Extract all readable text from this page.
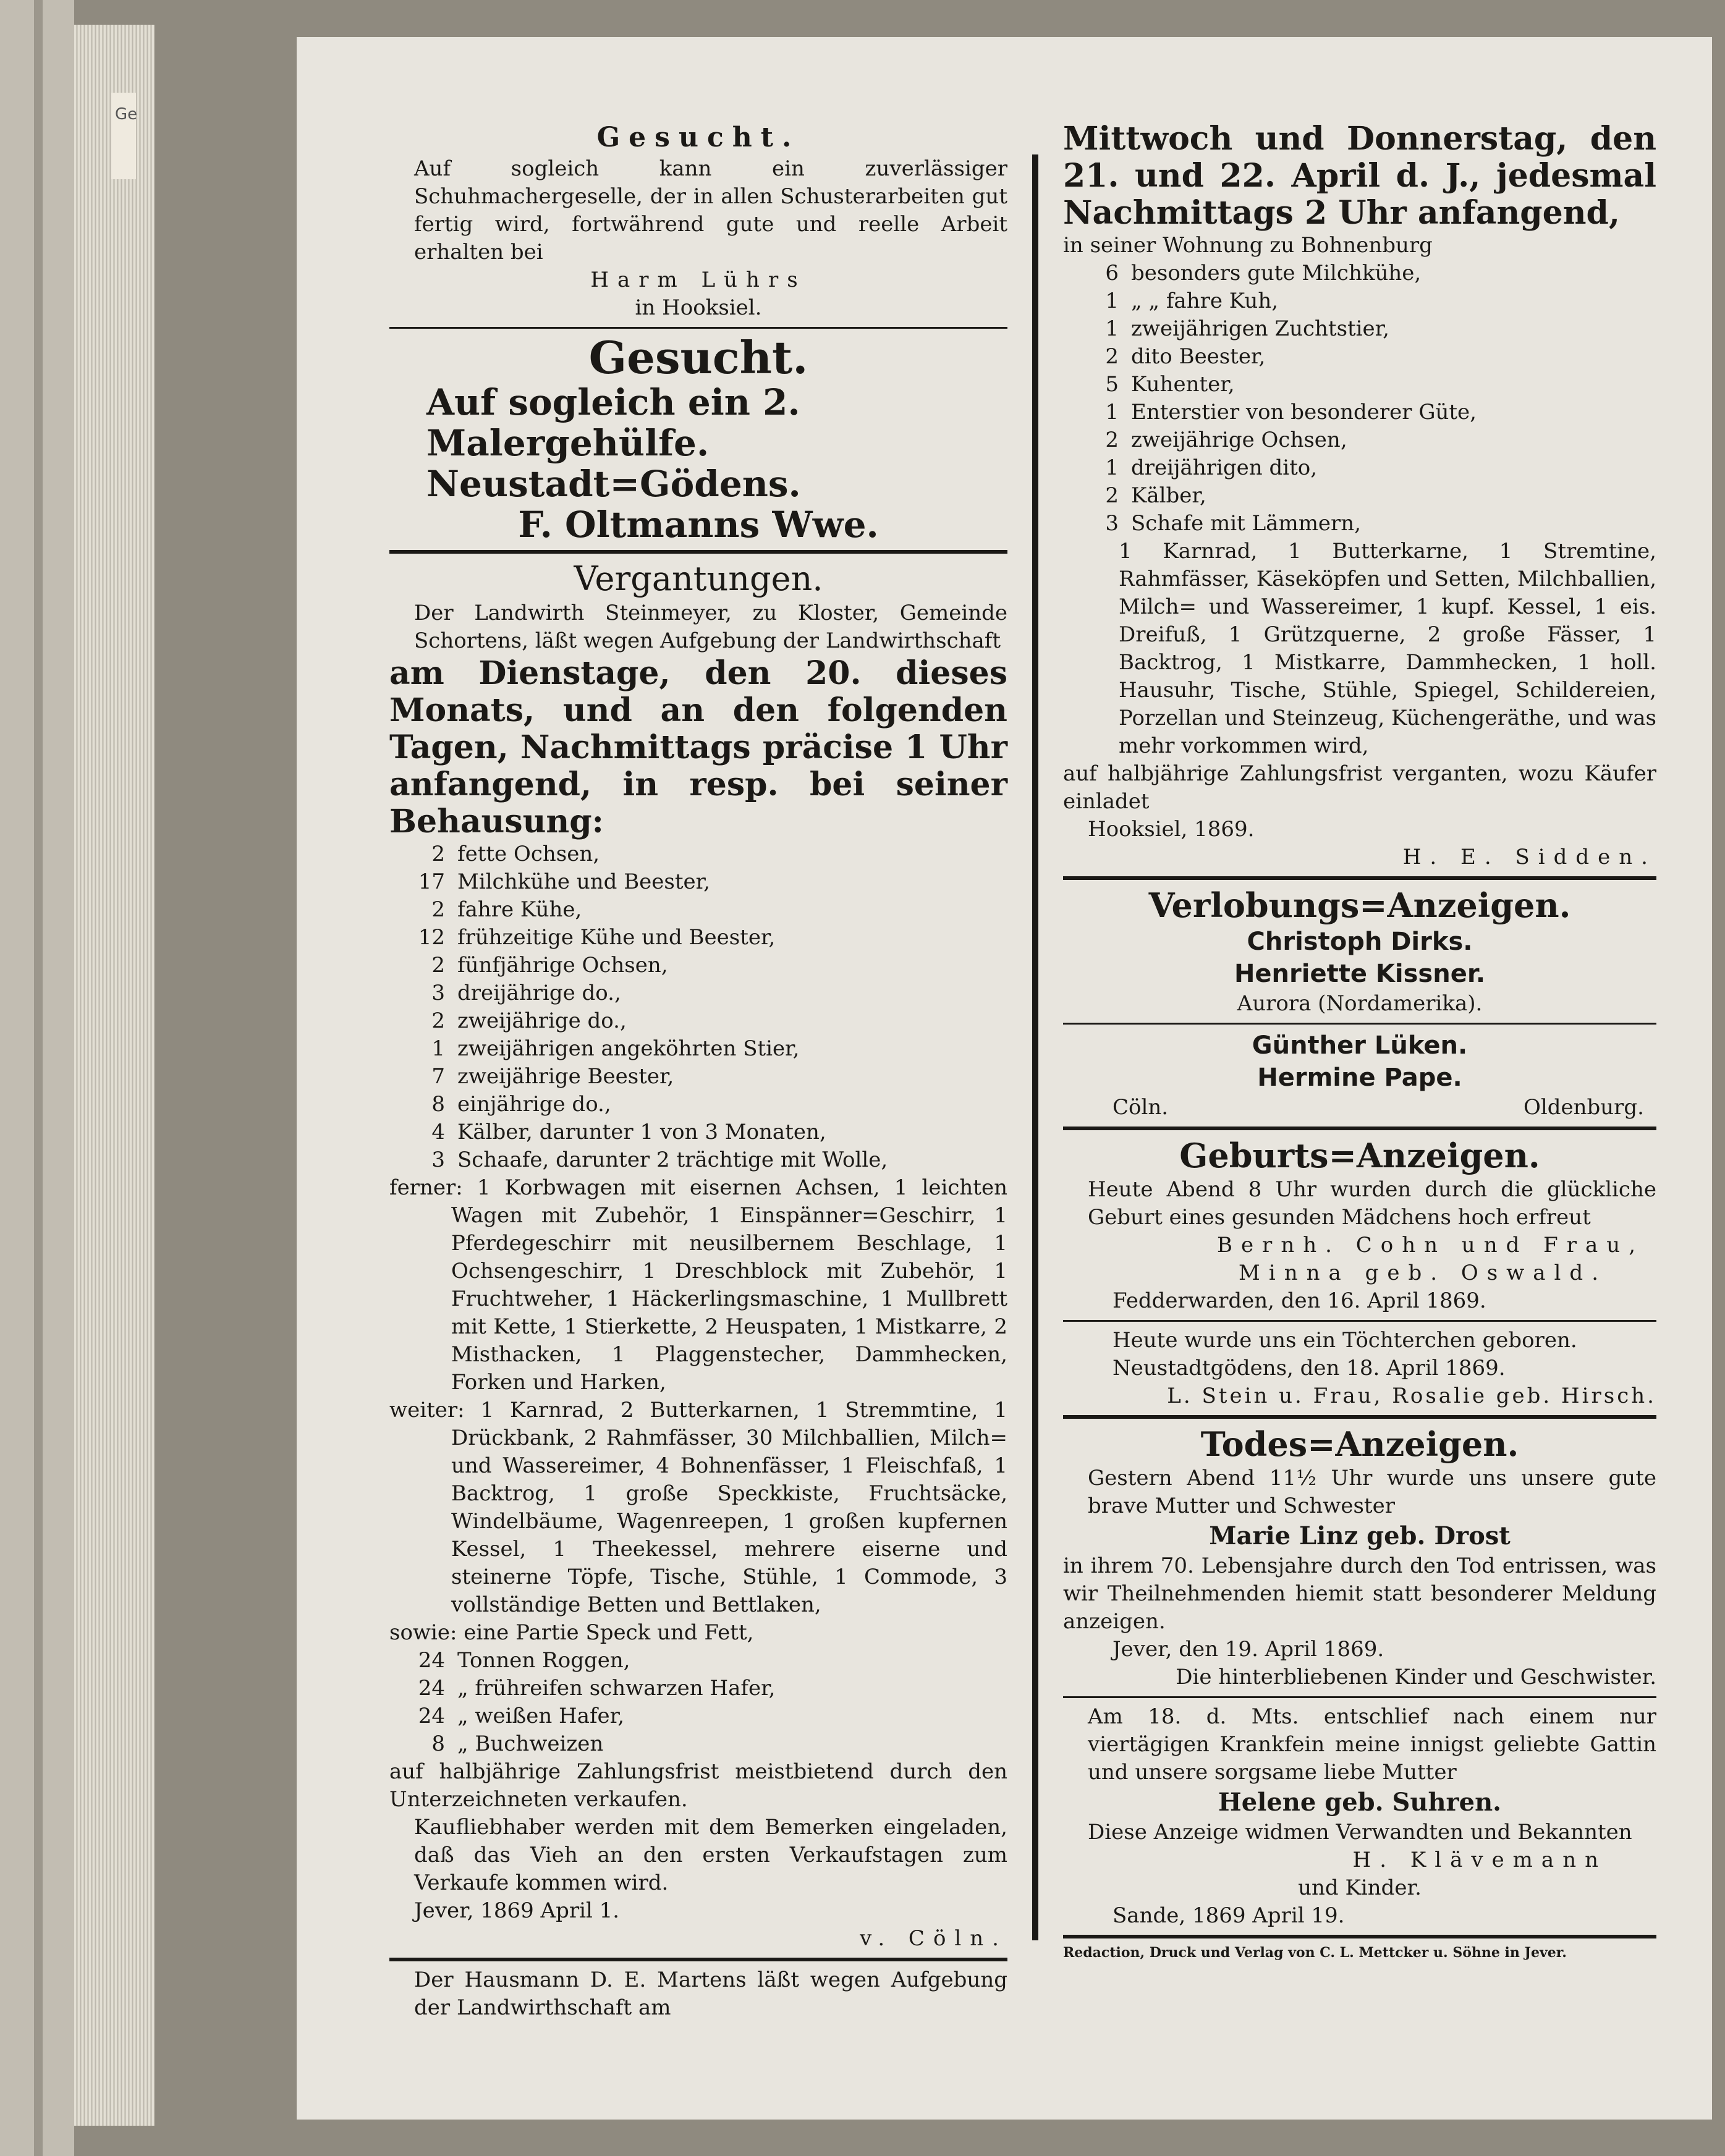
Ge
Gesucht.
Auf sogleich kann ein zuverlässiger Schuhmachergeselle, der in allen Schusterarbeiten gut fertig wird, fortwährend gute und reelle Arbeit erhalten bei
Harm Lührs
in Hooksiel.
Gesucht.
Auf sogleich ein 2. Malergehülfe.
Neustadt=Gödens.
F. Oltmanns Wwe.
Vergantungen.
Der Landwirth Steinmeyer, zu Kloster, Gemeinde Schortens, läßt wegen Aufgebung der Landwirthschaft
am Dienstage, den 20. dieses Monats, und an den folgenden Tagen, Nachmittags präcise 1 Uhr anfangend, in resp. bei seiner Behausung:
2 fette Ochsen,
17 Milchkühe und Beester,
2 fahre Kühe,
12 frühzeitige Kühe und Beester,
2 fünfjährige Ochsen,
3 dreijährige do.,
2 zweijährige do.,
1 zweijährigen angeköhrten Stier,
7 zweijährige Beester,
8 einjährige do.,
4 Kälber, darunter 1 von 3 Monaten,
3 Schaafe, darunter 2 trächtige mit Wolle,
ferner: 1 Korbwagen mit eisernen Achsen, 1 leichten Wagen mit Zubehör, 1 Einspänner=Geschirr, 1 Pferdegeschirr mit neusilbernem Beschlage, 1 Ochsengeschirr, 1 Dreschblock mit Zubehör, 1 Fruchtweher, 1 Häckerlingsmaschine, 1 Mullbrett mit Kette, 1 Stierkette, 2 Heuspaten, 1 Mistkarre, 2 Misthacken, 1 Plaggenstecher, Dammhecken, Forken und Harken,
weiter: 1 Karnrad, 2 Butterkarnen, 1 Stremmtine, 1 Drückbank, 2 Rahmfässer, 30 Milchballien, Milch= und Wassereimer, 4 Bohnenfässer, 1 Fleischfaß, 1 Backtrog, 1 große Speckkiste, Fruchtsäcke, Windelbäume, Wagenreepen, 1 großen kupfernen Kessel, 1 Theekessel, mehrere eiserne und steinerne Töpfe, Tische, Stühle, 1 Commode, 3 vollständige Betten und Bettlaken,
sowie: eine Partie Speck und Fett,
24 Tonnen Roggen,
24 „ frühreifen schwarzen Hafer,
24 „ weißen Hafer,
8 „ Buchweizen
auf halbjährige Zahlungsfrist meistbietend durch den Unterzeichneten verkaufen.
Kaufliebhaber werden mit dem Bemerken eingeladen, daß das Vieh an den ersten Verkaufstagen zum Verkaufe kommen wird.
Jever, 1869 April 1.
v. Cöln.
Der Hausmann D. E. Martens läßt wegen Aufgebung der Landwirthschaft am
Mittwoch und Donnerstag, den 21. und 22. April d. J., jedesmal Nachmittags 2 Uhr anfangend,
in seiner Wohnung zu Bohnenburg
6 besonders gute Milchkühe,
1 „ „ fahre Kuh,
1 zweijährigen Zuchtstier,
2 dito Beester,
5 Kuhenter,
1 Enterstier von besonderer Güte,
2 zweijährige Ochsen,
1 dreijährigen dito,
2 Kälber,
3 Schafe mit Lämmern,
1 Karnrad, 1 Butterkarne, 1 Stremtine, Rahmfässer, Käseköpfen und Setten, Milchballien, Milch= und Wassereimer, 1 kupf. Kessel, 1 eis. Dreifuß, 1 Grützquerne, 2 große Fässer, 1 Backtrog, 1 Mistkarre, Dammhecken, 1 holl. Hausuhr, Tische, Stühle, Spiegel, Schildereien, Porzellan und Steinzeug, Küchengeräthe, und was mehr vorkommen wird,
auf halbjährige Zahlungsfrist verganten, wozu Käufer einladet
Hooksiel, 1869.
H. E. Sidden.
Verlobungs=Anzeigen.
Christoph Dirks.
Henriette Kissner.
Aurora (Nordamerika).
Günther Lüken.
Hermine Pape.
Cöln.	Oldenburg.
Geburts=Anzeigen.
Heute Abend 8 Uhr wurden durch die glückliche Geburt eines gesunden Mädchens hoch erfreut
Bernh. Cohn und Frau,
Minna geb. Oswald.
Fedderwarden, den 16. April 1869.
Heute wurde uns ein Töchterchen geboren.
Neustadtgödens, den 18. April 1869.
L. Stein u. Frau, Rosalie geb. Hirsch.
Todes=Anzeigen.
Gestern Abend 11½ Uhr wurde uns unsere gute brave Mutter und Schwester
Marie Linz geb. Drost
in ihrem 70. Lebensjahre durch den Tod entrissen, was wir Theilnehmenden hiemit statt besonderer Meldung anzeigen.
Jever, den 19. April 1869.
Die hinterbliebenen Kinder und Geschwister.
Am 18. d. Mts. entschlief nach einem nur viertägigen Krankfein meine innigst geliebte Gattin und unsere sorgsame liebe Mutter
Helene geb. Suhren.
Diese Anzeige widmen Verwandten und Bekannten
H. Klävemann
und Kinder.
Sande, 1869 April 19.
Redaction, Druck und Verlag von C. L. Mettcker u. Söhne in Jever.
